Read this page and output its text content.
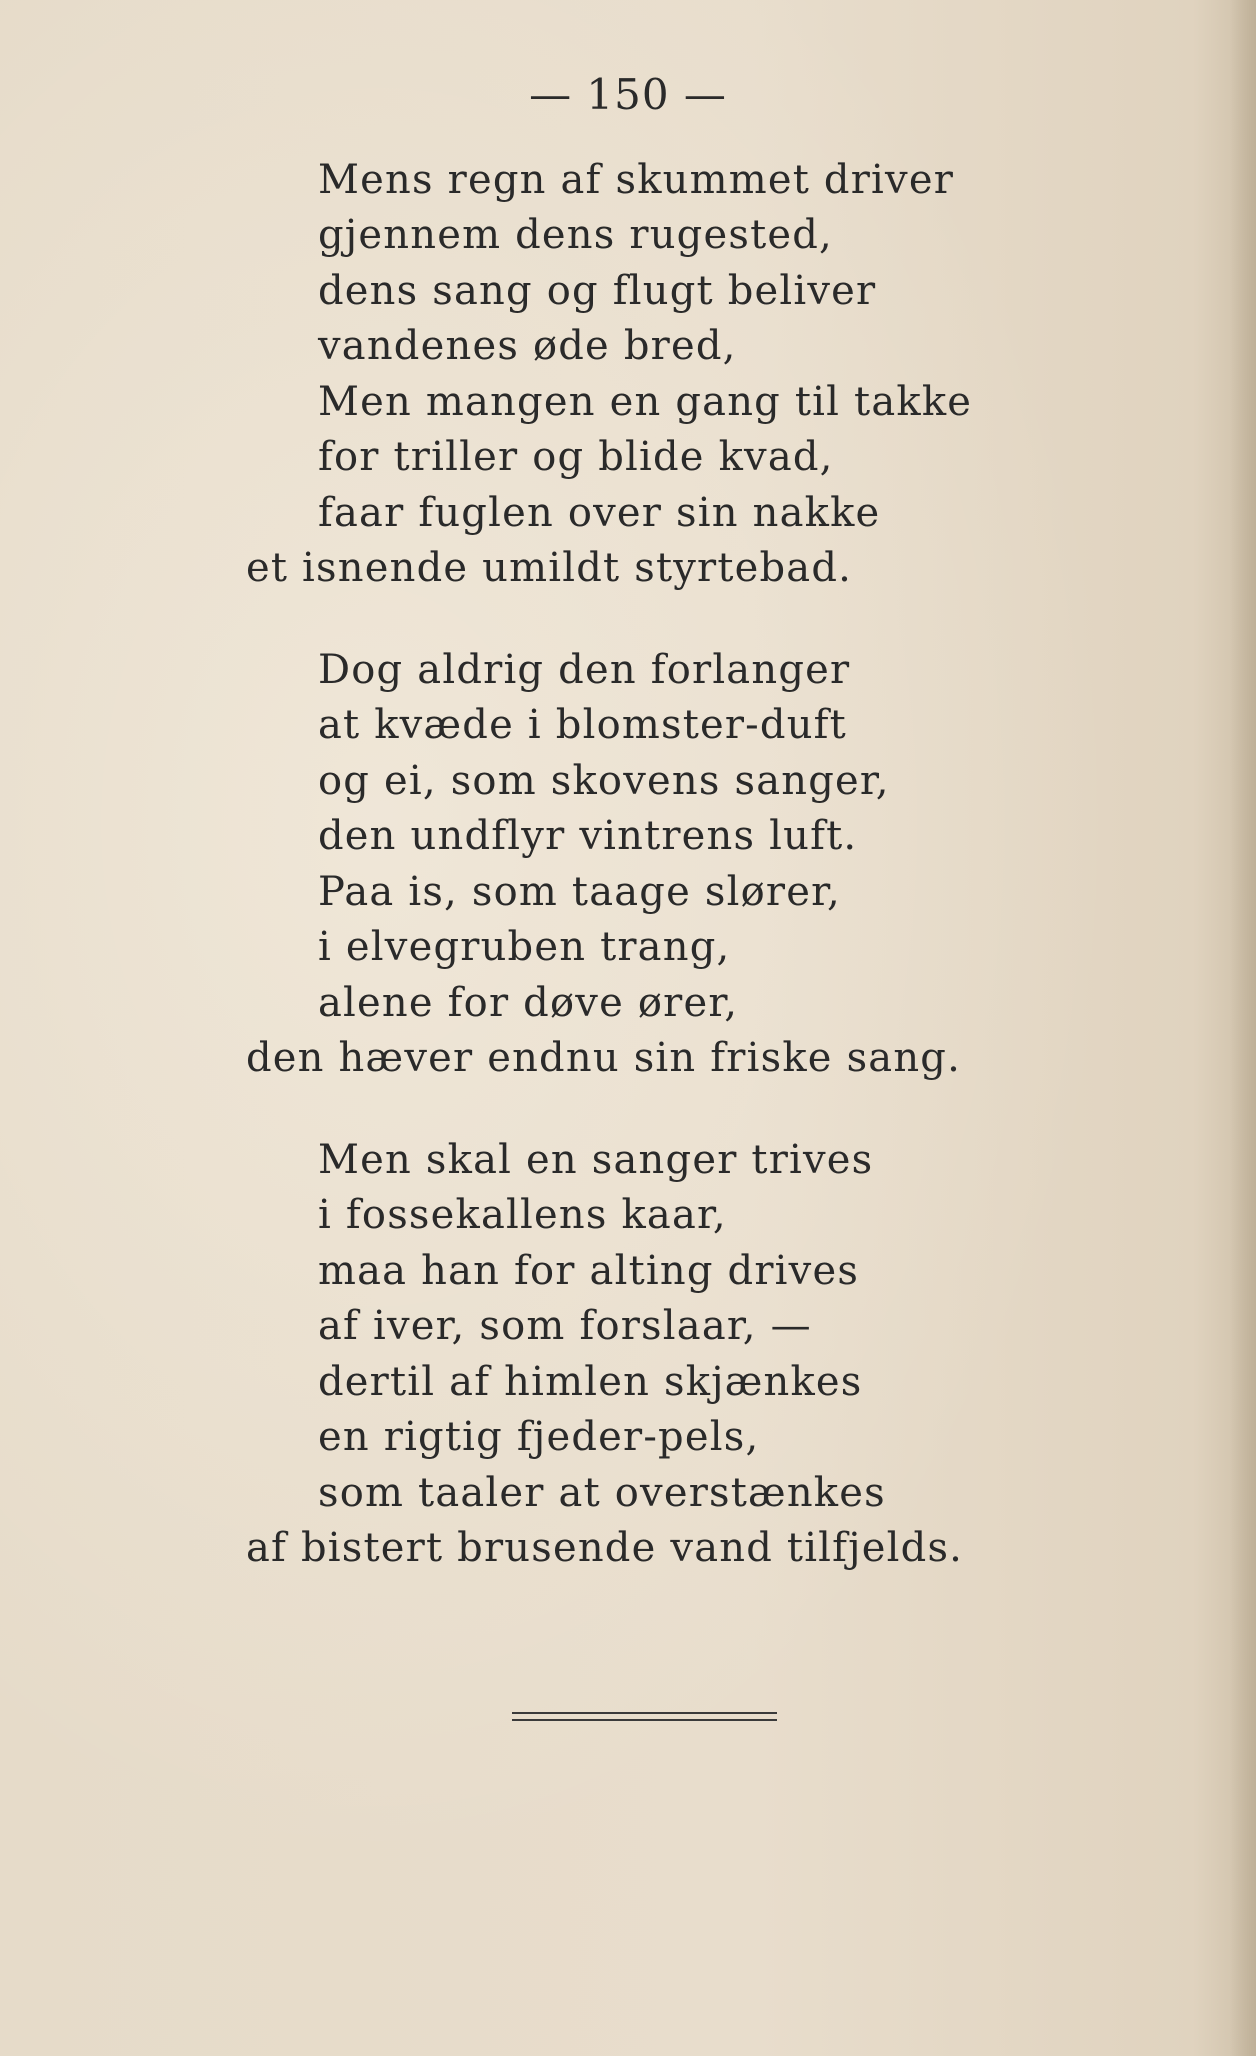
— 150 —
Mens regn af skummet driver
gjennem dens rugested,
dens sang og flugt beliver
vandenes øde bred,
Men mangen en gang til takke
for triller og blide kvad,
faar fuglen over sin nakke
et isnende umildt styrtebad.
Dog aldrig den forlanger
at kvæde i blomster-duft
og ei, som skovens sanger,
den undflyr vintrens luft.
Paa is, som taage slører,
i elvegruben trang,
alene for døve ører,
den hæver endnu sin friske sang.
Men skal en sanger trives
i fossekallens kaar,
maa han for alting drives
af iver, som forslaar, —
dertil af himlen skjænkes
en rigtig fjeder-pels,
som taaler at overstænkes
af bistert brusende vand tilfjelds.
